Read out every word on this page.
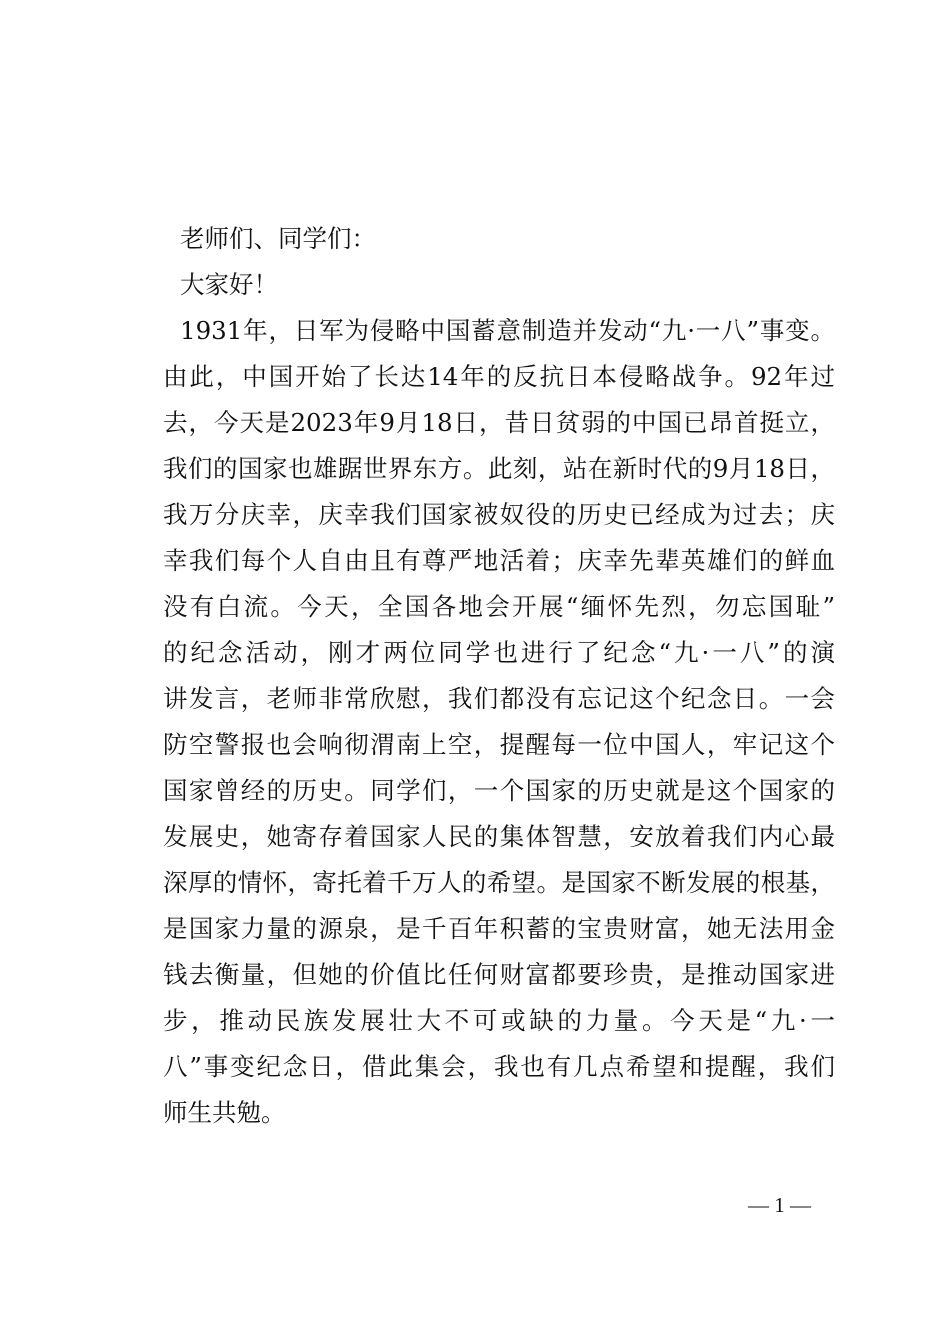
老师们、同学们：
大家好！
1931年，日军为侵略中国蓄意制造并发动“九·一八”事变。
由此，中国开始了长达14年的反抗日本侵略战争。92年过
去，今天是2023年9月18日，昔日贫弱的中国已昂首挺立，
我们的国家也雄踞世界东方。此刻，站在新时代的9月18日，
我万分庆幸，庆幸我们国家被奴役的历史已经成为过去；庆
幸我们每个人自由且有尊严地活着；庆幸先辈英雄们的鲜血
没有白流。今天，全国各地会开展“缅怀先烈，勿忘国耻”
的纪念活动，刚才两位同学也进行了纪念“九·一八”的演
讲发言，老师非常欣慰，我们都没有忘记这个纪念日。一会
防空警报也会响彻渭南上空，提醒每一位中国人，牢记这个
国家曾经的历史。同学们，一个国家的历史就是这个国家的
发展史，她寄存着国家人民的集体智慧，安放着我们内心最
深厚的情怀，寄托着千万人的希望。是国家不断发展的根基，
是国家力量的源泉，是千百年积蓄的宝贵财富，她无法用金
钱去衡量，但她的价值比任何财富都要珍贵，是推动国家进
步，推动民族发展壮大不可或缺的力量。今天是“九·一
八”事变纪念日，借此集会，我也有几点希望和提醒，我们
师生共勉。
— 1 —
